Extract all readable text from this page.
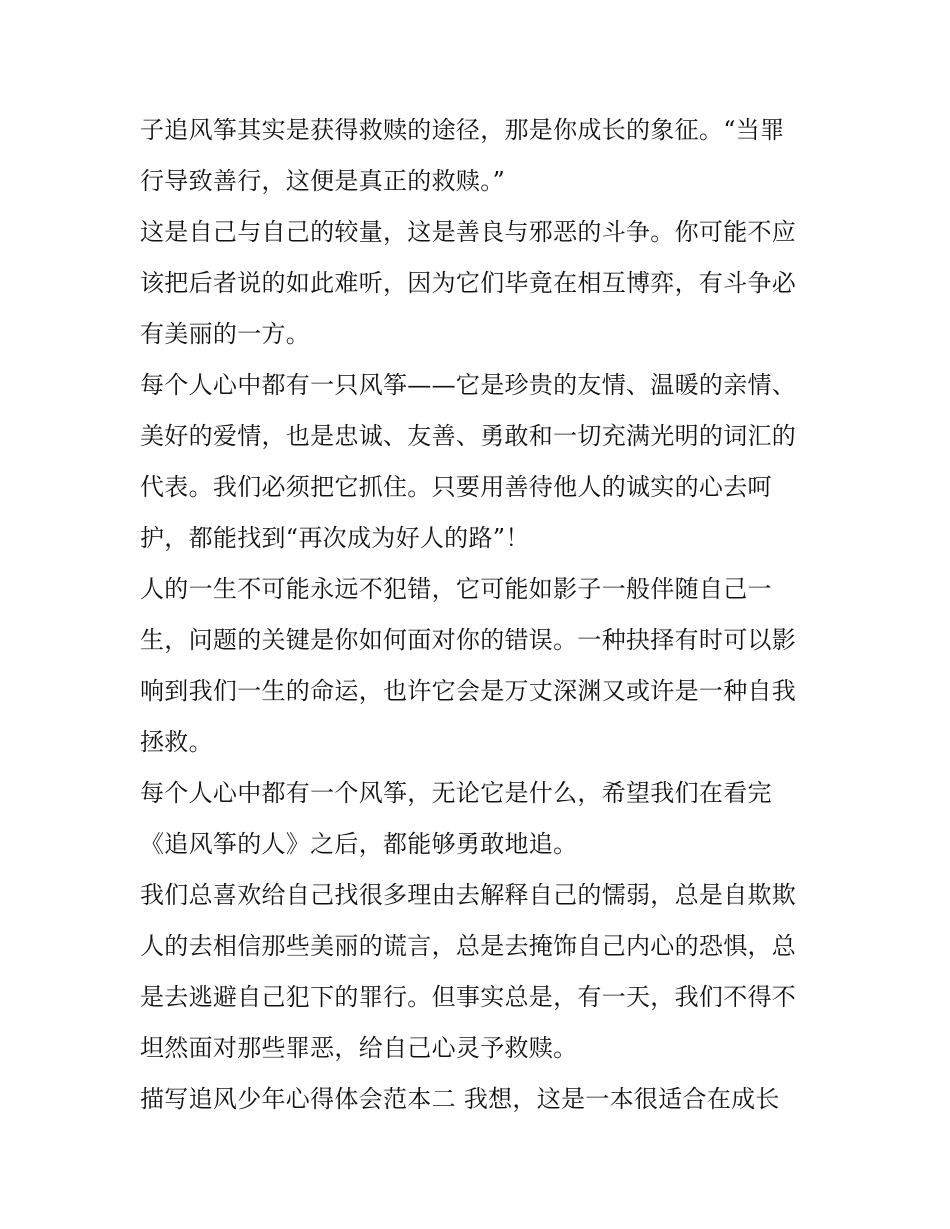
子追风筝其实是获得救赎的途径，那是你成长的象征。“当罪
行导致善行，这便是真正的救赎。”
这是自己与自己的较量，这是善良与邪恶的斗争。你可能不应
该把后者说的如此难听，因为它们毕竟在相互博弈，有斗争必
有美丽的一方。
每个人心中都有一只风筝——它是珍贵的友情、温暖的亲情、
美好的爱情，也是忠诚、友善、勇敢和一切充满光明的词汇的
代表。我们必须把它抓住。只要用善待他人的诚实的心去呵
护，都能找到“再次成为好人的路”！
人的一生不可能永远不犯错，它可能如影子一般伴随自己一
生，问题的关键是你如何面对你的错误。一种抉择有时可以影
响到我们一生的命运，也许它会是万丈深渊又或许是一种自我
拯救。
每个人心中都有一个风筝，无论它是什么，希望我们在看完
《追风筝的人》之后，都能够勇敢地追。
我们总喜欢给自己找很多理由去解释自己的懦弱，总是自欺欺
人的去相信那些美丽的谎言，总是去掩饰自己内心的恐惧，总
是去逃避自己犯下的罪行。但事实总是，有一天，我们不得不
坦然面对那些罪恶，给自己心灵予救赎。
描写追风少年心得体会范本二 我想，这是一本很适合在成长
